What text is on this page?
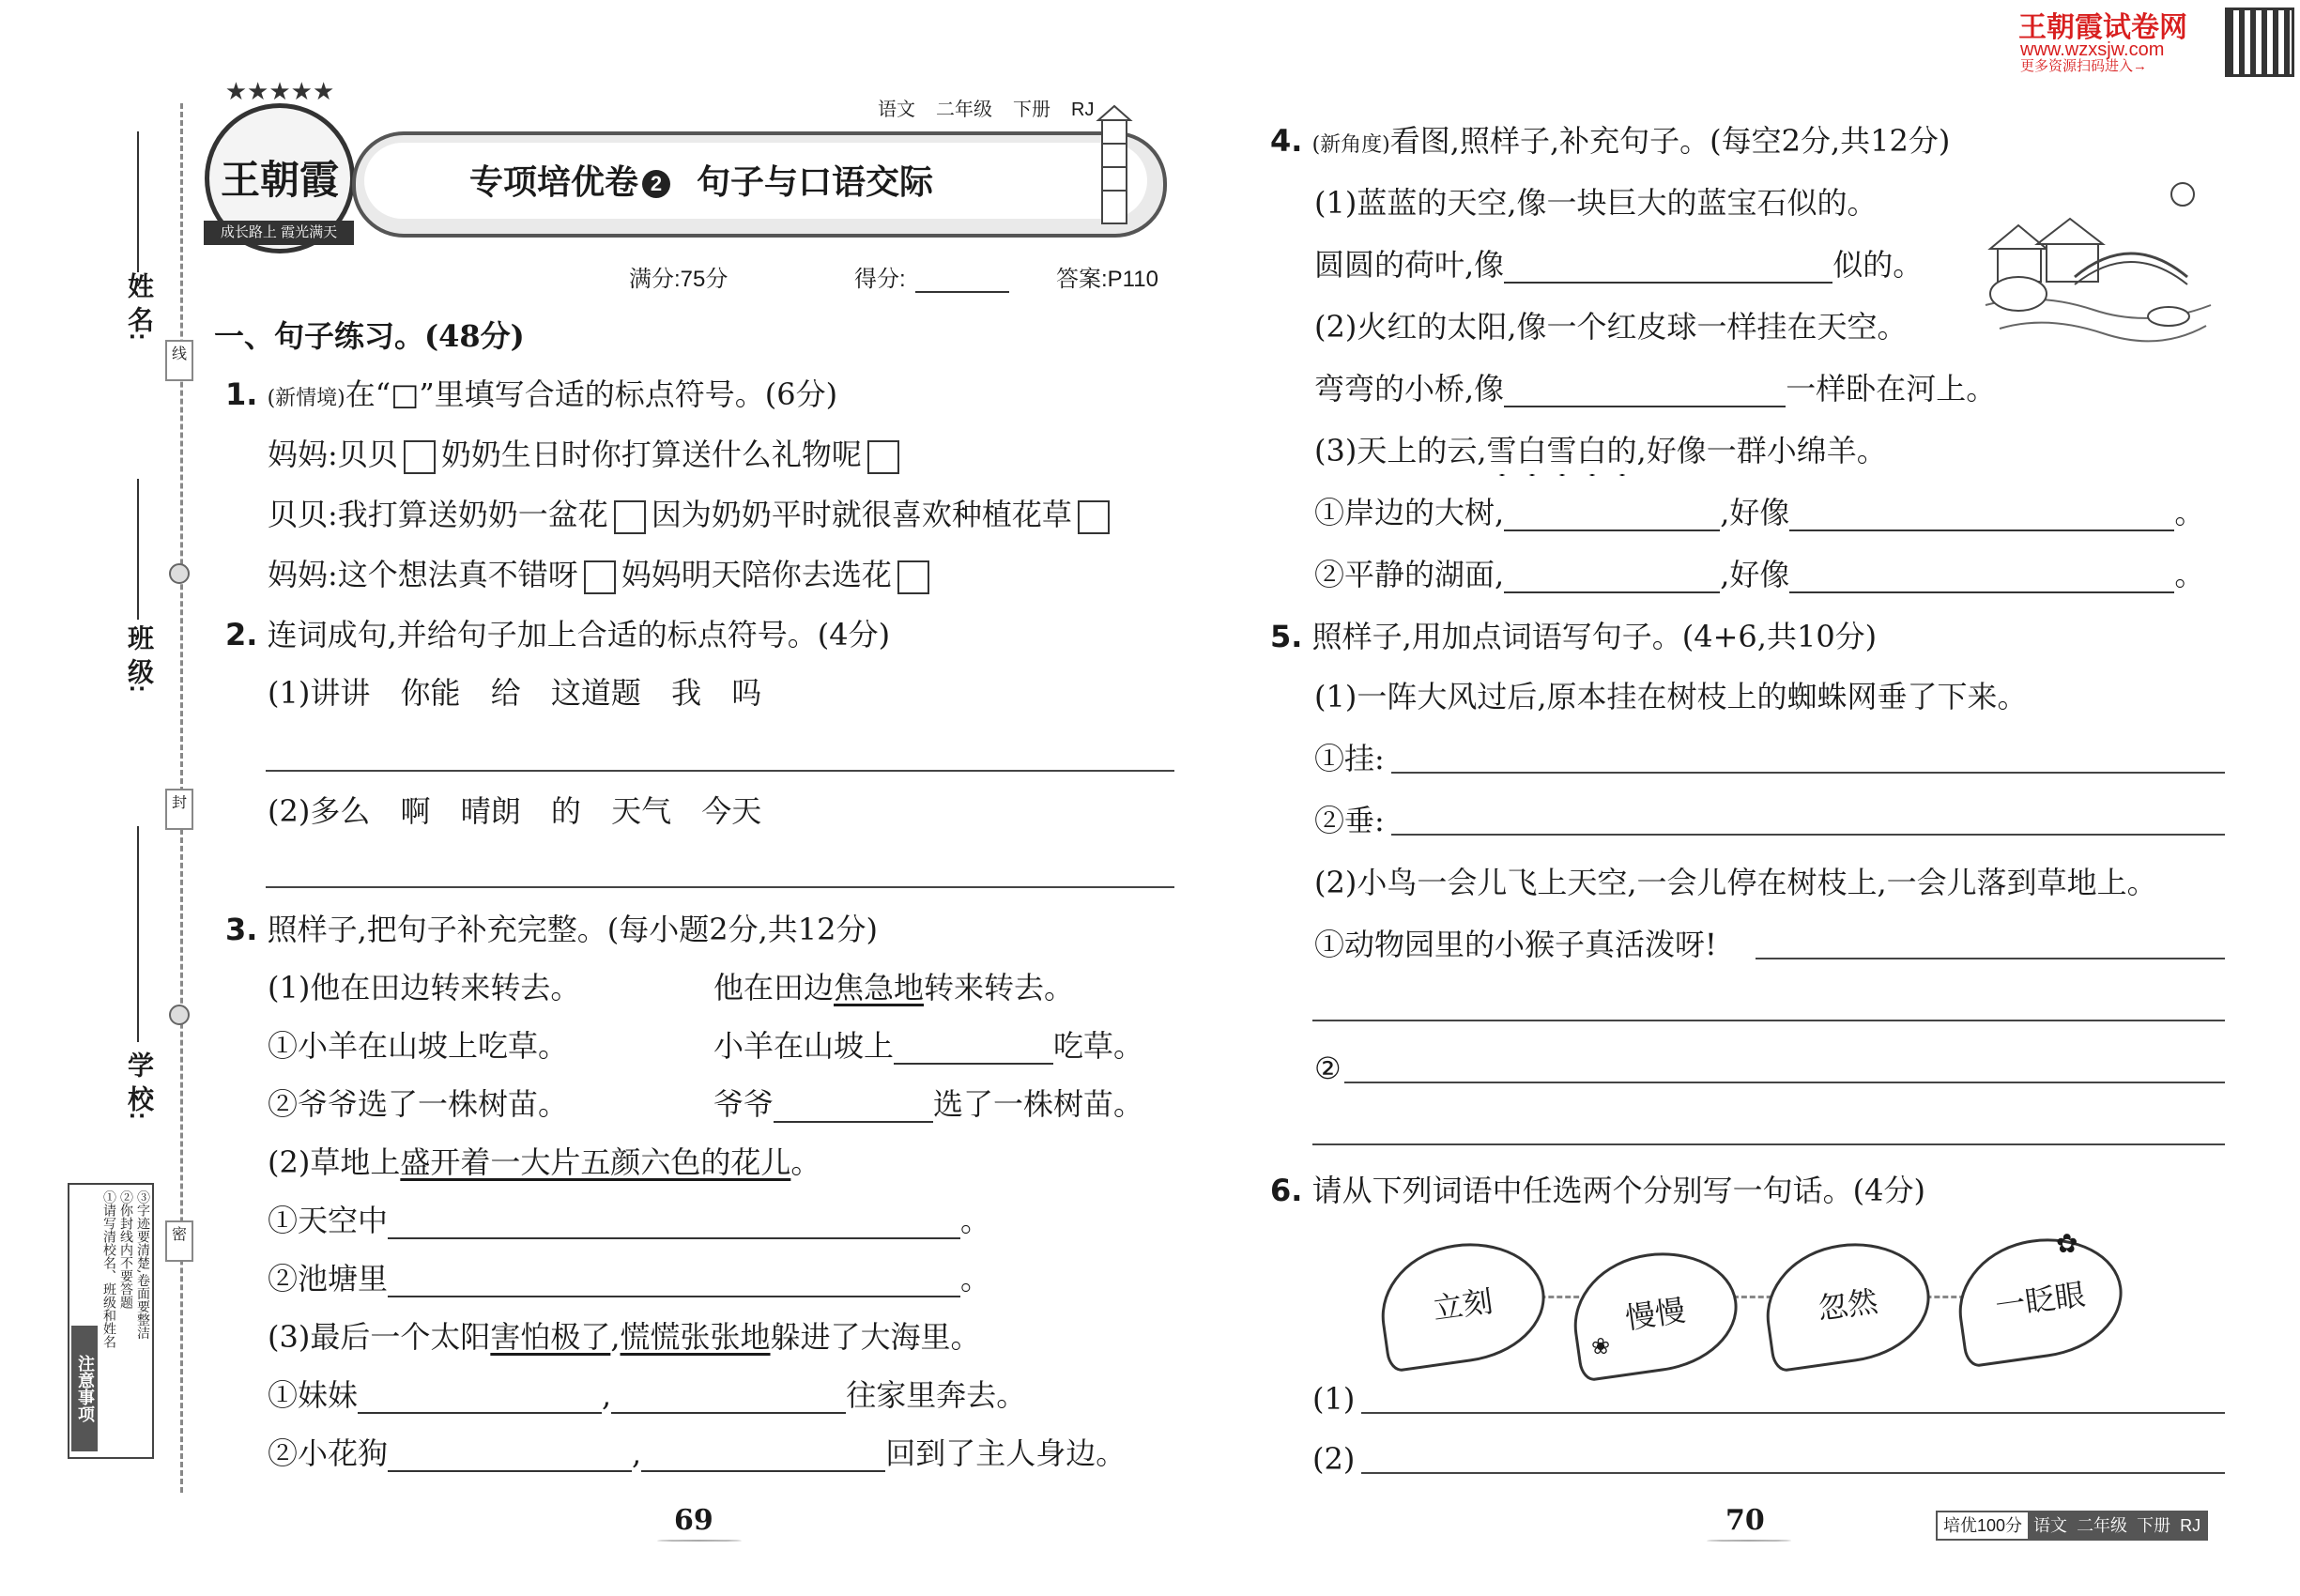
姓 名:
线
班 级:
封
学 校:
密
注意事项
①请写清校名、班级和姓名 ②你封线内不要答题 ③字迹要清楚,卷面要整洁
★★★★★
王朝霞
成长路上 霞光满天
专项培优卷 2 句子与口语交际
语文 二年级 下册 RJ
满分:75分	得分:	答案:P110
一、句子练习。(48分)
1. (新情境)在“□”里填写合适的标点符号。(6分)
妈妈:贝贝 奶奶生日时你打算送什么礼物呢
贝贝:我打算送奶奶一盆花 因为奶奶平时就很喜欢种植花草
妈妈:这个想法真不错呀 妈妈明天陪你去选花
2. 连词成句,并给句子加上合适的标点符号。(4分)
(1)讲讲 你能 给 这道题 我 吗
(2)多么 啊 晴朗 的 天气 今天
3. 照样子,把句子补充完整。(每小题2分,共12分)
(1)他在田边转来转去。	他在田边焦急地转来转去。
①小羊在山坡上吃草。	小羊在山坡上	吃草。
②爷爷选了一株树苗。	爷爷	选了一株树苗。
(2)草地上盛开着一大片五颜六色的花儿。
①天空中	。
②池塘里	。
(3)最后一个太阳害怕极了,慌慌张张地躲进了大海里。
①妹妹	,	往家里奔去。
②小花狗	,	回到了主人身边。
69
王朝霞试卷网
www.wzxsjw.com
更多资源扫码进入→
4. (新角度)看图,照样子,补充句子。(每空2分,共12分)
(1)蓝蓝的天空,像一块巨大的蓝宝石似的。
圆圆的荷叶,像	似的。
(2)火红的太阳,像一个红皮球一样挂在天空。
弯弯的小桥,像	一样卧在河上。
(3)天上的云,雪白雪白的,好像一群小绵羊。
①岸边的大树,	,好像	。
②平静的湖面,	,好像	。
5. 照样子,用加点词语写句子。(4+6,共10分)
(1)一阵大风过后,原本挂在树枝上的蜘蛛网垂了下来。
①挂:
②垂:
(2)小鸟一会儿飞上天空,一会儿停在树枝上,一会儿落到草地上。
①动物园里的小猴子真活泼呀!
②
6. 请从下列词语中任选两个分别写一句话。(4分)
立刻	慢慢	忽然	一眨眼
✿
❀
(1)
(2)
70	培优100分 语文 二年级 下册 RJ
